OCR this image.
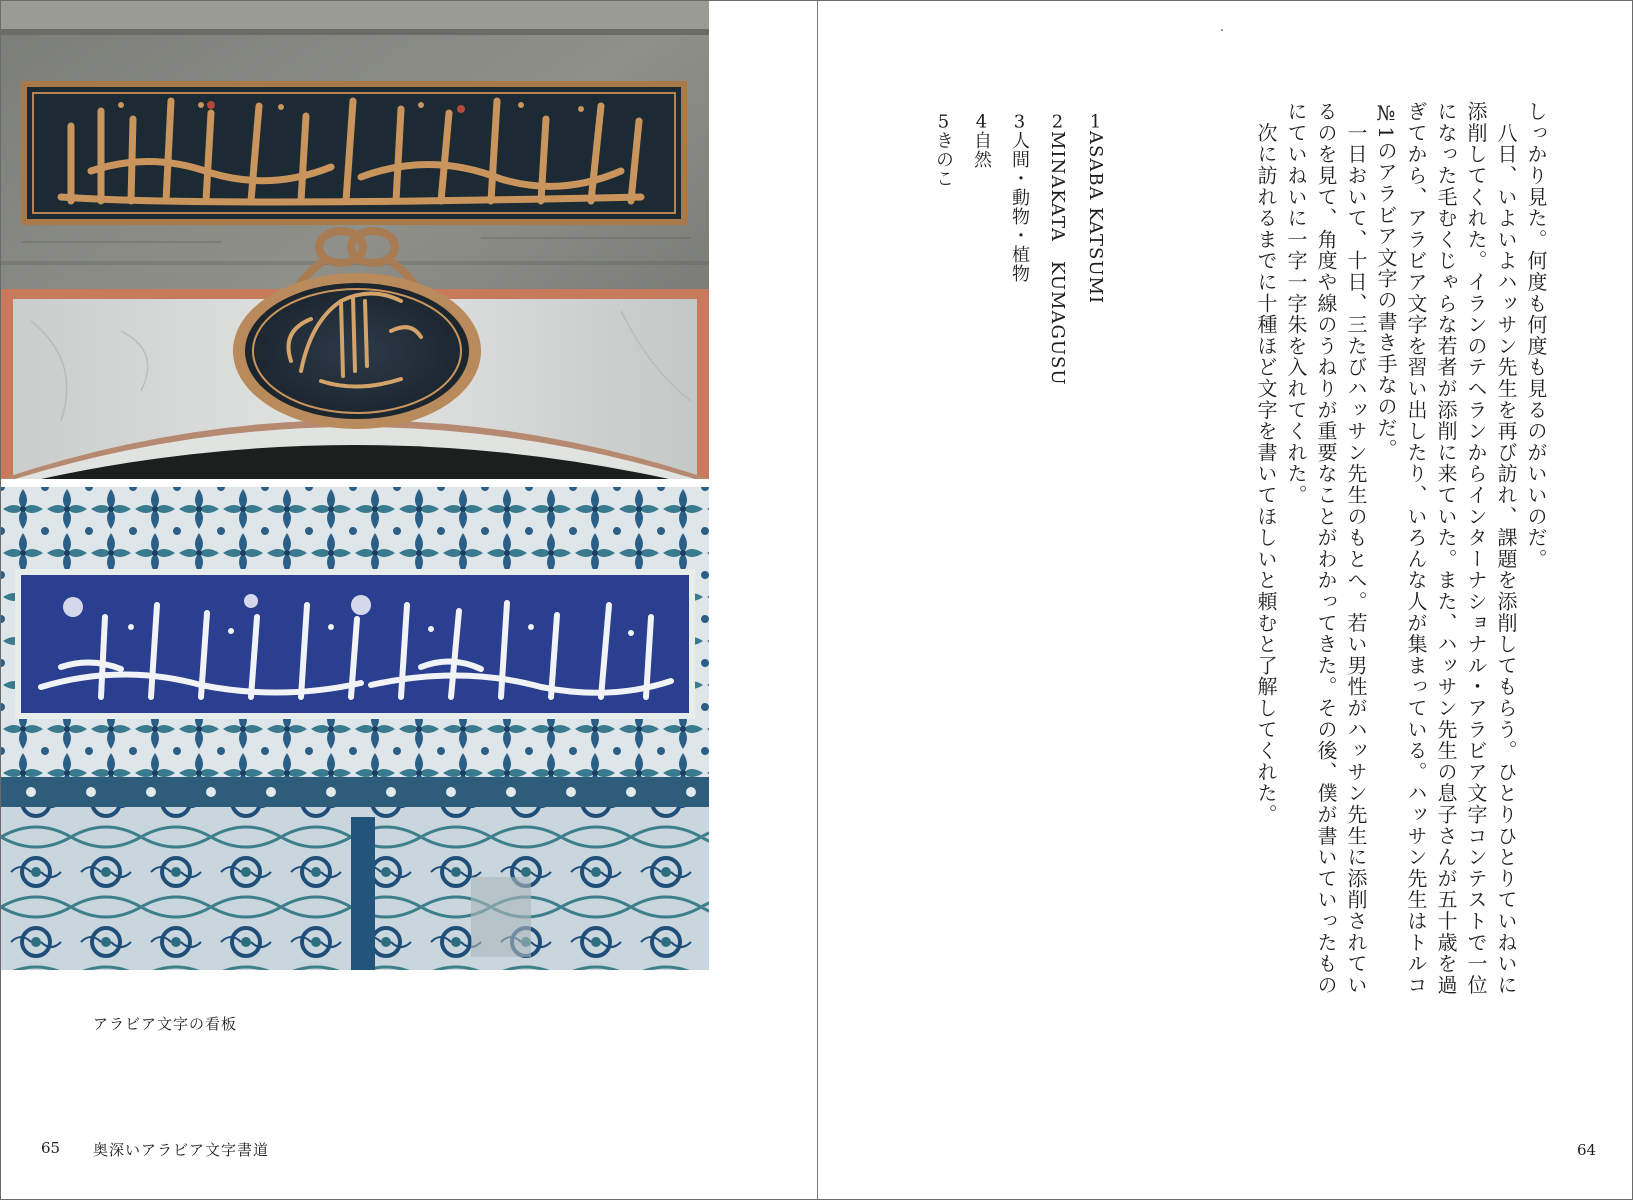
アラビア文字の看板
65 奥深いアラビア文字書道
しっかり見た。何度も何度も見るのがいいのだ。
　八日、いよいよハッサン先生を再び訪れ、課題を添削してもらう。ひとりひとりていねいに
添削してくれた。イランのテヘランからインターナショナル・アラビア文字コンテストで一位
になった毛むくじゃらな若者が添削に来ていた。また、ハッサン先生の息子さんが五十歳を過
ぎてから、アラビア文字を習い出したり、いろんな人が集まっている。ハッサン先生はトルコ
№1のアラビア文字の書き手なのだ。
　一日おいて、十日、三たびハッサン先生のもとへ。若い男性がハッサン先生に添削されてい
るのを見て、角度や線のうねりが重要なことがわかってきた。その後、僕が書いていったもの
にていねいに一字一字朱を入れてくれた。
　次に訪れるまでに十種ほど文字を書いてほしいと頼むと了解してくれた。
1ASABA KATSUMI
2MINAKATA　KUMAGUSU
3人間・動物・植物
4自然
5きのこ
64
